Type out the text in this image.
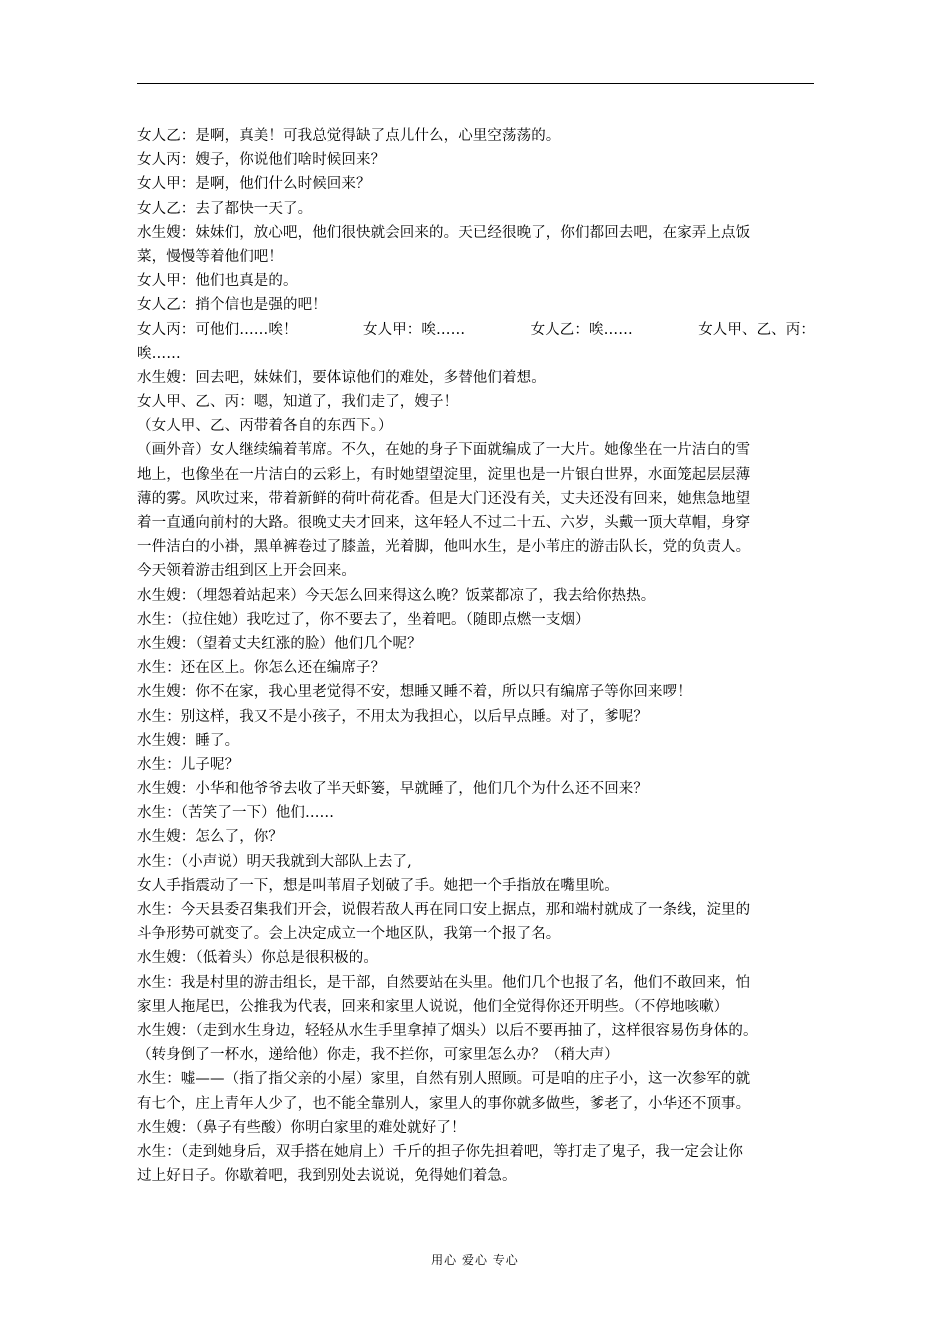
女人乙：是啊，真美！可我总觉得缺了点儿什么，心里空荡荡的。
女人丙：嫂子，你说他们啥时候回来？
女人甲：是啊，他们什么时候回来？
女人乙：去了都快一天了。
水生嫂：妹妹们，放心吧，他们很快就会回来的。天已经很晚了，你们都回去吧，在家弄上点饭
菜，慢慢等着他们吧！
女人甲：他们也真是的。
女人乙：捎个信也是强的吧！
女人丙：可他们……唉！	女人甲：唉……	女人乙：唉……	女人甲、乙、丙：
唉……
水生嫂：回去吧，妹妹们，要体谅他们的难处，多替他们着想。
女人甲、乙、丙：嗯，知道了，我们走了，嫂子！
（女人甲、乙、丙带着各自的东西下。）
（画外音）女人继续编着苇席。不久，在她的身子下面就编成了一大片。她像坐在一片洁白的雪
地上，也像坐在一片洁白的云彩上，有时她望望淀里，淀里也是一片银白世界，水面笼起层层薄
薄的雾。风吹过来，带着新鲜的荷叶荷花香。但是大门还没有关，丈夫还没有回来，她焦急地望
着一直通向前村的大路。很晚丈夫才回来，这年轻人不过二十五、六岁，头戴一顶大草帽，身穿
一件洁白的小褂，黑单裤卷过了膝盖，光着脚，他叫水生，是小苇庄的游击队长，党的负责人。
今天领着游击组到区上开会回来。
水生嫂：（埋怨着站起来）今天怎么回来得这么晚？饭菜都凉了，我去给你热热。
水生：（拉住她）我吃过了，你不要去了，坐着吧。（随即点燃一支烟）
水生嫂：（望着丈夫红涨的脸）他们几个呢？
水生：还在区上。你怎么还在编席子？
水生嫂：你不在家，我心里老觉得不安，想睡又睡不着，所以只有编席子等你回来啰！
水生：别这样，我又不是小孩子，不用太为我担心，以后早点睡。对了，爹呢？
水生嫂：睡了。
水生：儿子呢？
水生嫂：小华和他爷爷去收了半天虾篓，早就睡了，他们几个为什么还不回来？
水生：（苦笑了一下）他们……
水生嫂：怎么了，你？
水生：（小声说）明天我就到大部队上去了,
女人手指震动了一下，想是叫苇眉子划破了手。她把一个手指放在嘴里吮。
水生：今天县委召集我们开会，说假若敌人再在同口安上据点，那和端村就成了一条线，淀里的
斗争形势可就变了。会上决定成立一个地区队，我第一个报了名。
水生嫂：（低着头）你总是很积极的。
水生：我是村里的游击组长，是干部，自然要站在头里。他们几个也报了名，他们不敢回来，怕
家里人拖尾巴，公推我为代表，回来和家里人说说，他们全觉得你还开明些。（不停地咳嗽）
水生嫂：（走到水生身边，轻轻从水生手里拿掉了烟头）以后不要再抽了，这样很容易伤身体的。
（转身倒了一杯水，递给他）你走，我不拦你，可家里怎么办？（稍大声）
水生：嘘——（指了指父亲的小屋）家里，自然有别人照顾。可是咱的庄子小，这一次参军的就
有七个，庄上青年人少了，也不能全靠别人，家里人的事你就多做些，爹老了，小华还不顶事。
水生嫂：（鼻子有些酸）你明白家里的难处就好了！
水生：（走到她身后，双手搭在她肩上）千斤的担子你先担着吧，等打走了鬼子，我一定会让你
过上好日子。你歇着吧，我到别处去说说，免得她们着急。
用心 爱心 专心
